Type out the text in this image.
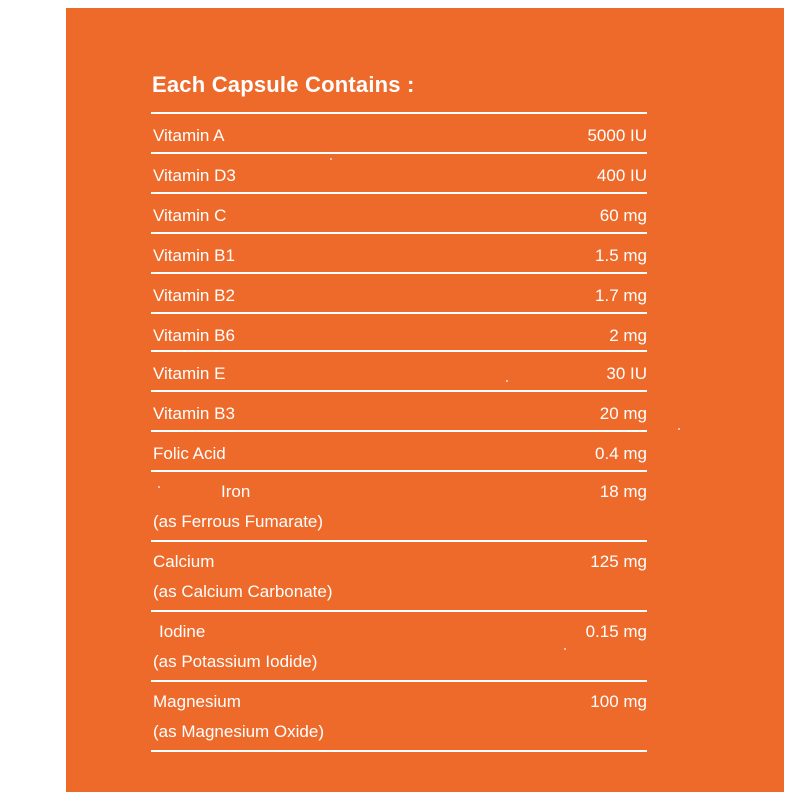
Each Capsule Contains :
Vitamin A	5000 IU
Vitamin D3	400 IU
Vitamin C	60 mg
Vitamin B1	1.5 mg
Vitamin B2	1.7 mg
Vitamin B6	2 mg
Vitamin E	30 IU
Vitamin B3	20 mg
Folic Acid	0.4 mg
Iron	18 mg
(as Ferrous Fumarate)
Calcium	125 mg
(as Calcium Carbonate)
Iodine	0.15 mg
(as Potassium Iodide)
Magnesium	100 mg
(as Magnesium Oxide)
